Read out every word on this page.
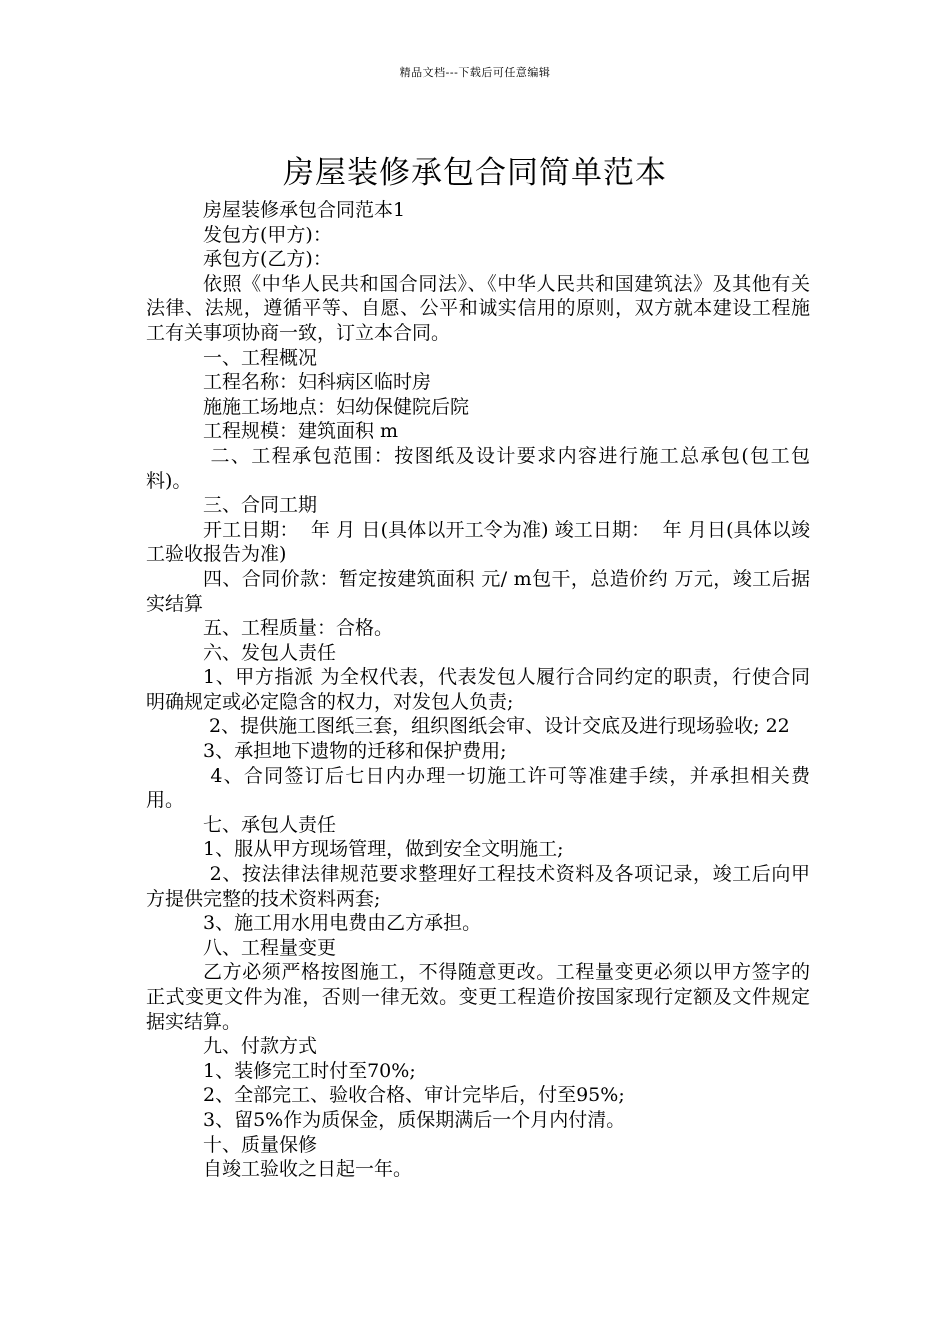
精品文档---下载后可任意编辑
房屋装修承包合同简单范本

房屋装修承包合同范本1

发包方(甲方)：

承包方(乙方)：

依照《中华人民共和国合同法》、《中华人民共和国建筑法》及其他有关法律、法规，遵循平等、自愿、公平和诚实信用的原则，双方就本建设工程施工有关事项协商一致，订立本合同。

一、工程概况

工程名称：妇科病区临时房

施施工场地点：妇幼保健院后院

工程规模：建筑面积 m

二、工程承包范围：按图纸及设计要求内容进行施工总承包(包工包料)。

三、合同工期

开工日期：  年 月 日(具体以开工令为准) 竣工日期：  年 月日(具体以竣工验收报告为准)

四、合同价款：暂定按建筑面积 元/ m包干，总造价约 万元，竣工后据实结算

五、工程质量：合格。

六、发包人责任

1、甲方指派 为全权代表，代表发包人履行合同约定的职责，行使合同明确规定或必定隐含的权力，对发包人负责;

2、提供施工图纸三套，组织图纸会审、设计交底及进行现场验收; 22

3、承担地下遗物的迁移和保护费用;

4、合同签订后七日内办理一切施工许可等准建手续，并承担相关费用。

七、承包人责任

1、服从甲方现场管理，做到安全文明施工;

2、按法律法律规范要求整理好工程技术资料及各项记录，竣工后向甲方提供完整的技术资料两套;

3、施工用水用电费由乙方承担。

八、工程量变更

乙方必须严格按图施工，不得随意更改。工程量变更必须以甲方签字的正式变更文件为准，否则一律无效。变更工程造价按国家现行定额及文件规定据实结算。

九、付款方式

1、装修完工时付至70%;

2、全部完工、验收合格、审计完毕后，付至95%;

3、留5%作为质保金，质保期满后一个月内付清。

十、质量保修

自竣工验收之日起一年。
